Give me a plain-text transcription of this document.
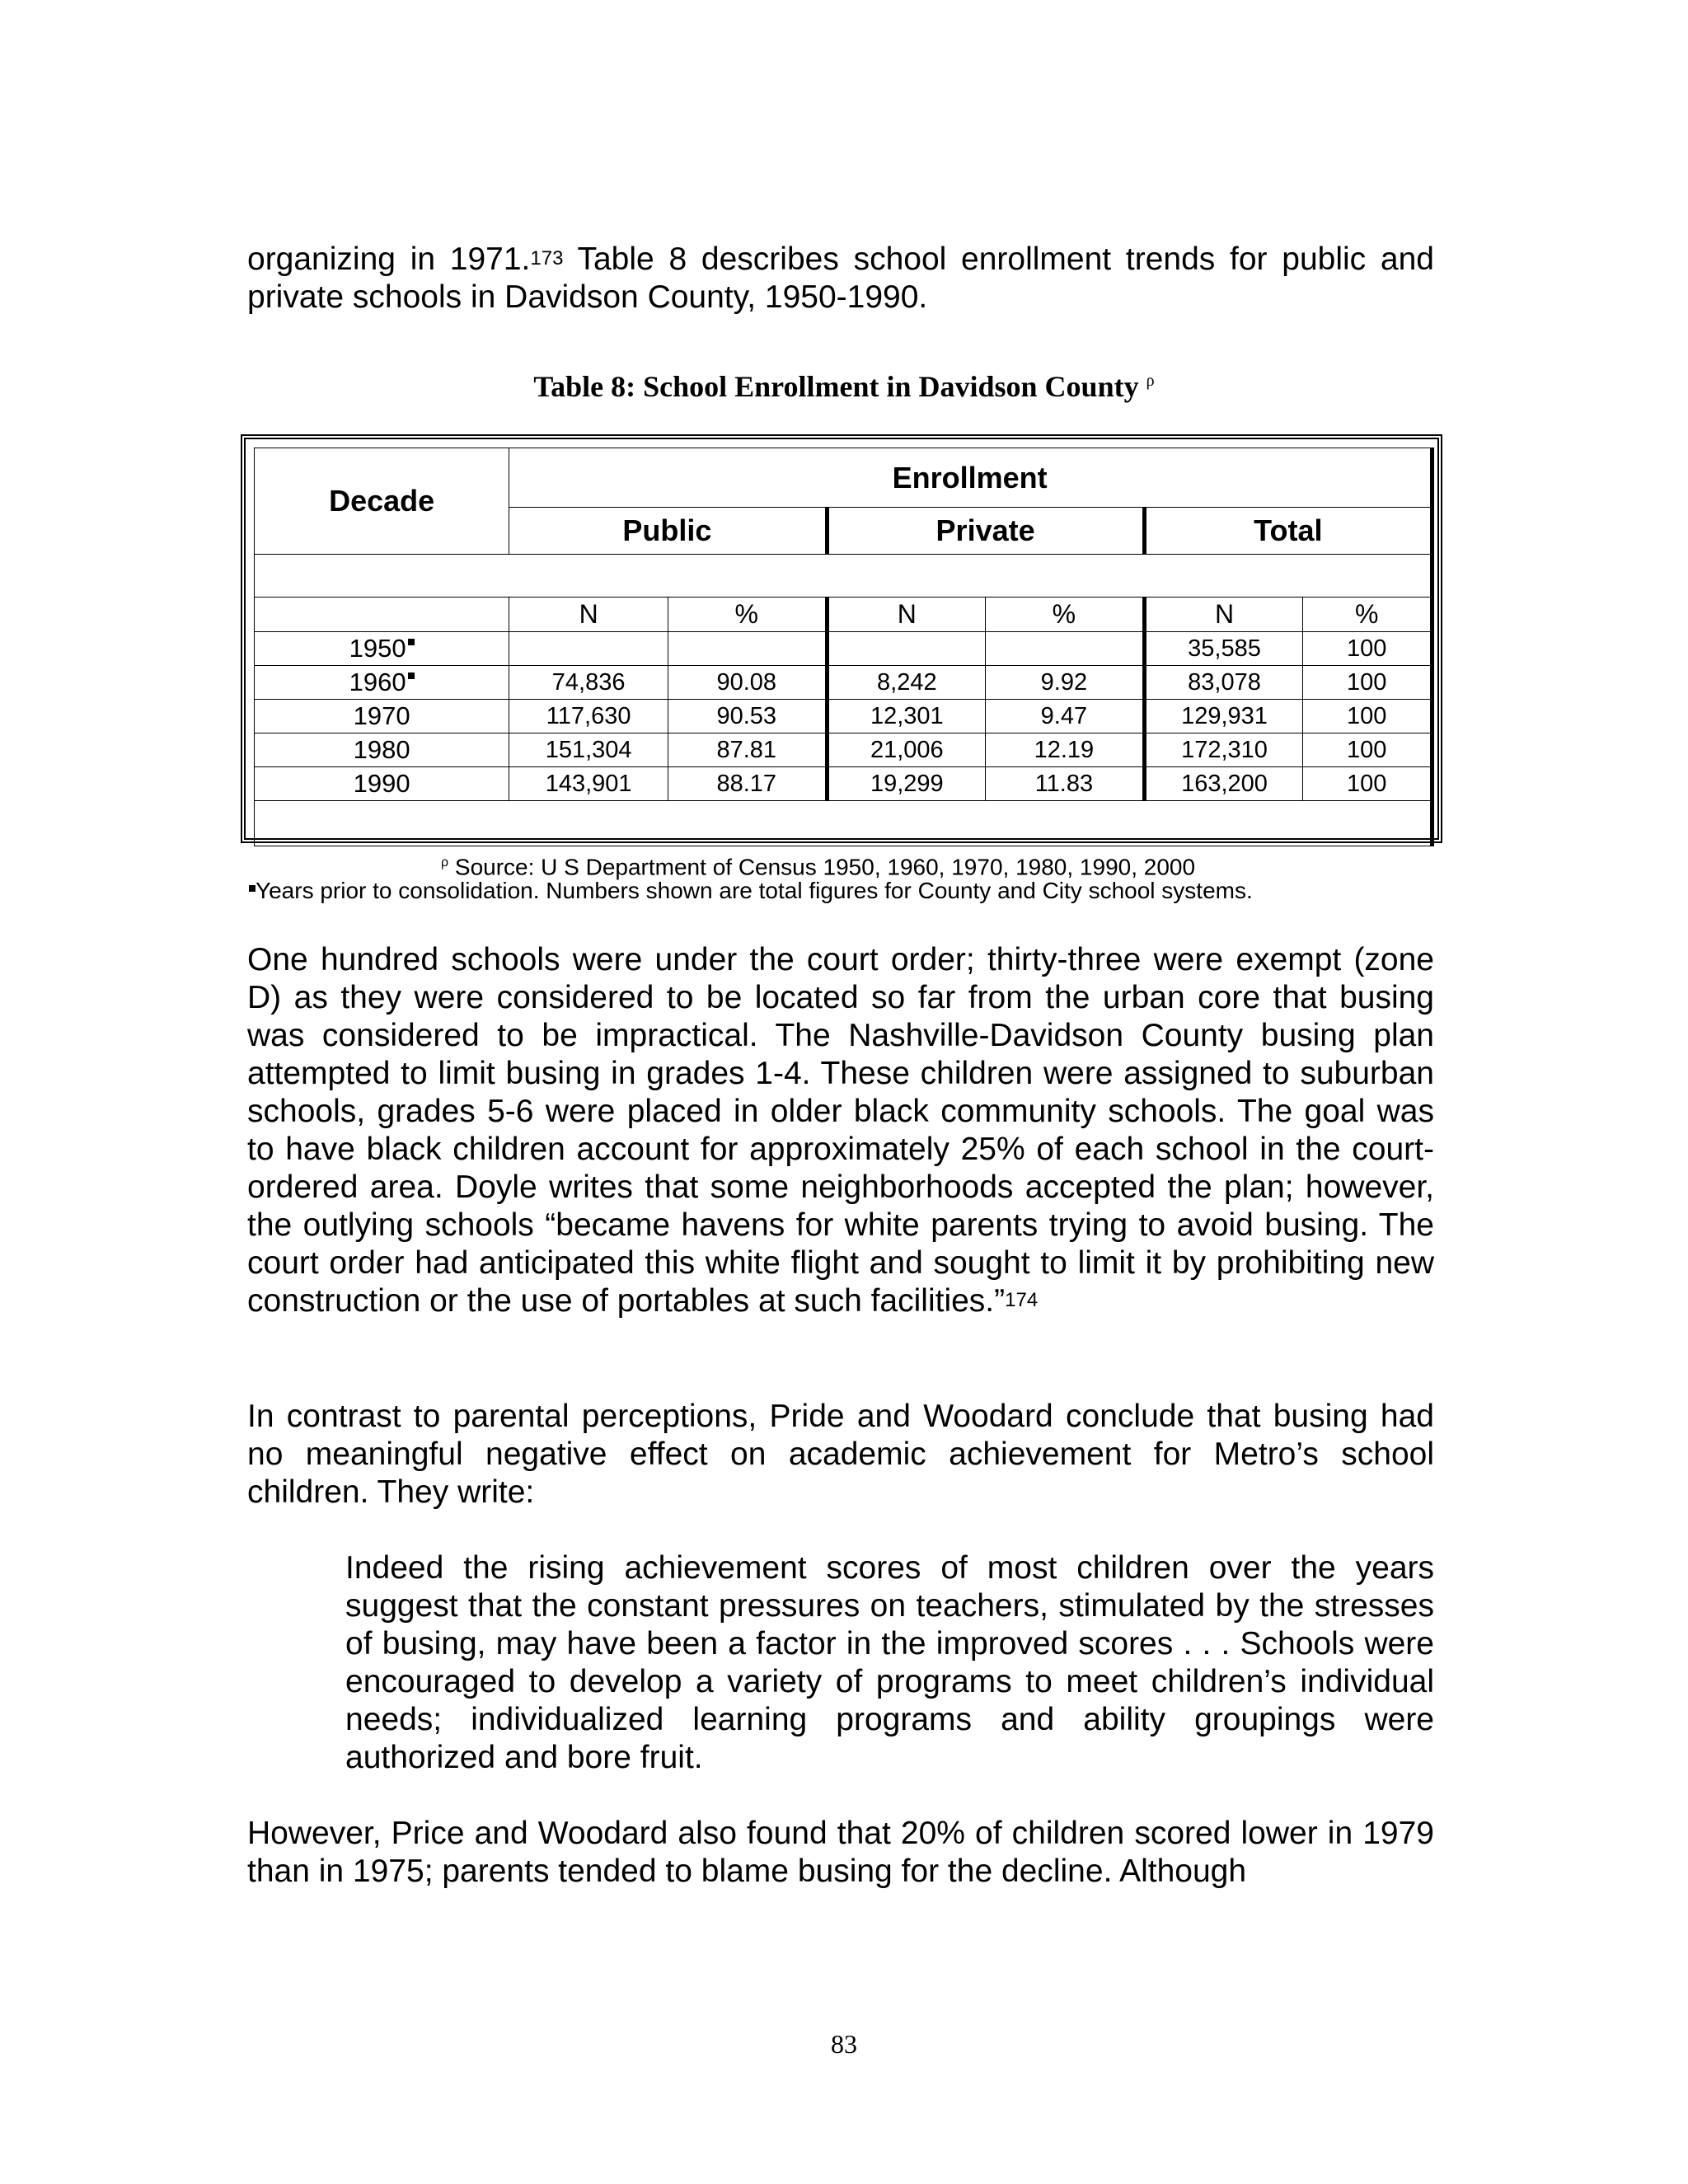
organizing in 1971.$^{173}$ Table 8 describes school enrollment trends for public and private schools in Davidson County, 1950-1990.

Table 8: School Enrollment in Davidson County $^\rho$
Decade	Enrollment					
	Public		Private		Total	

	N	%	N	%	N	%
1950					35,585	100
1960	74,836	90.08	8,242	9.92	83,078	100
1970	117,630	90.53	12,301	9.47	129,931	100
1980	151,304	87.81	21,006	12.19	172,310	100
1990	143,901	88.17	19,299	11.83	163,200	100

$^\rho$ Source: U S Department of Census 1950, 1960, 1970, 1980, 1990, 2000
Years prior to consolidation. Numbers shown are total figures for County and City school systems.

One hundred schools were under the court order; thirty-three were exempt (zone D) as they were considered to be located so far from the urban core that busing was considered to be impractical. The Nashville-Davidson County busing plan attempted to limit busing in grades 1-4. These children were assigned to suburban schools, grades 5-6 were placed in older black community schools. The goal was to have black children account for approximately 25% of each school in the court-ordered area. Doyle writes that some neighborhoods accepted the plan; however, the outlying schools “became havens for white parents trying to avoid busing. The court order had anticipated this white flight and sought to limit it by prohibiting new construction or the use of portables at such facilities.”$^{174}$

In contrast to parental perceptions, Pride and Woodard conclude that busing had no meaningful negative effect on academic achievement for Metro’s school children. They write:

Indeed the rising achievement scores of most children over the years suggest that the constant pressures on teachers, stimulated by the stresses of busing, may have been a factor in the improved scores . . . Schools were encouraged to develop a variety of programs to meet children’s individual needs; individualized learning programs and ability groupings were authorized and bore fruit.

However, Price and Woodard also found that 20% of children scored lower in 1979 than in 1975; parents tended to blame busing for the decline. Although

83
